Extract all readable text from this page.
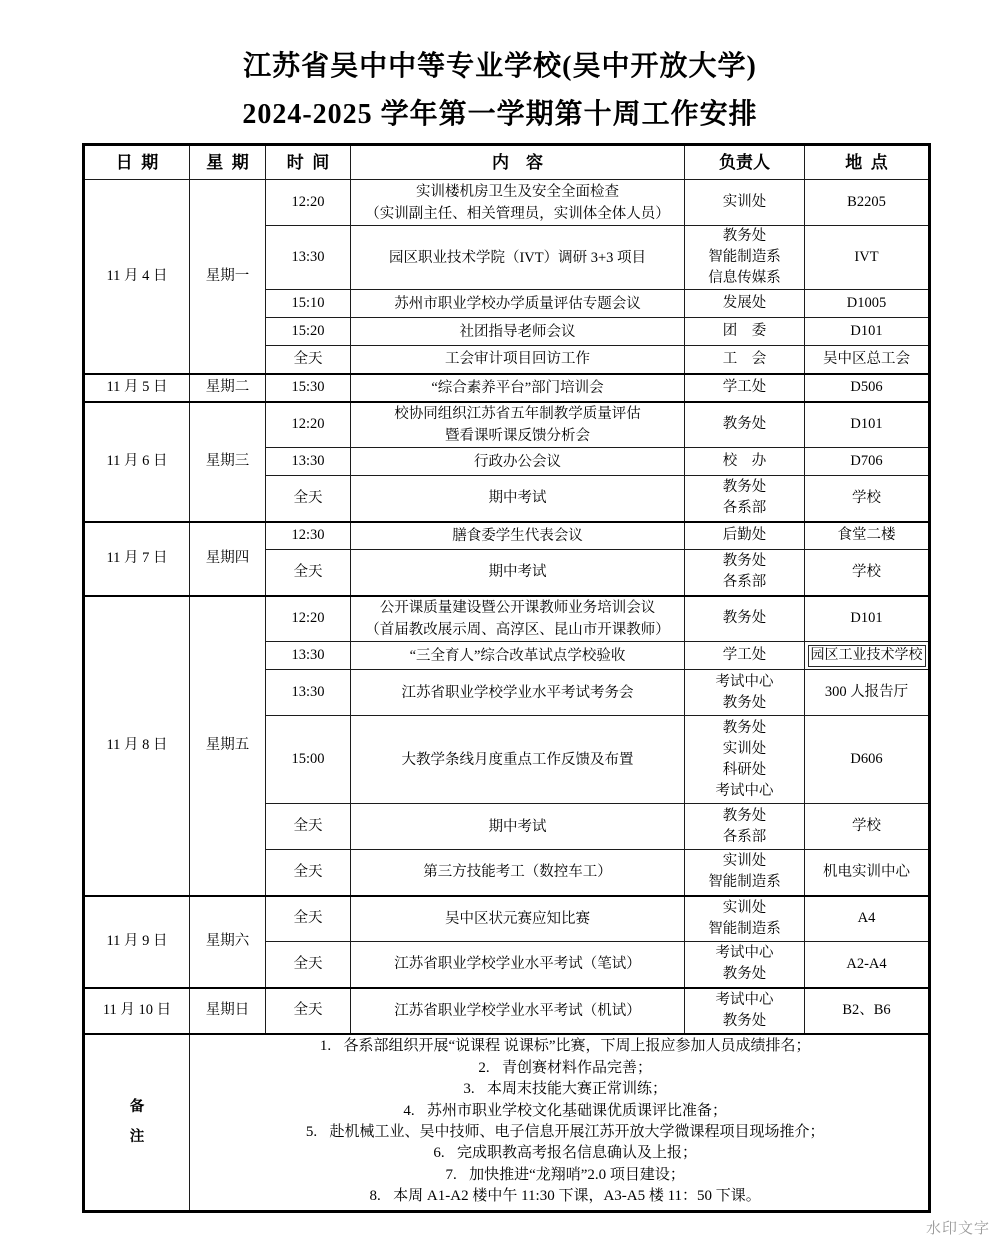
江苏省吴中中等专业学校(吴中开放大学)
2024-2025 学年第一学期第十周工作安排
日  期	星  期	时  间	内    容	负责人	地  点

11 月 4 日	星期一	12:20	实训楼机房卫生及安全全面检查
（实训副主任、相关管理员，实训体全体人员）	实训处	B2205

		13:30	园区职业技术学院（IVT）调研 3+3 项目	教务处
智能制造系
信息传媒系	IVT

		15:10	苏州市职业学校办学质量评估专题会议	发展处	D1005

		15:20	社团指导老师会议	团　委	D101

		全天	工会审计项目回访工作	工　会	吴中区总工会

11 月 5 日	星期二	15:30	“综合素养平台”部门培训会	学工处	D506

11 月 6 日	星期三	12:20	校协同组织江苏省五年制教学质量评估
暨看课听课反馈分析会	教务处	D101

		13:30	行政办公会议	校　办	D706

		全天	期中考试	教务处
各系部	学校

11 月 7 日	星期四	12:30	膳食委学生代表会议	后勤处	食堂二楼

		全天	期中考试	教务处
各系部	学校

11 月 8 日	星期五	12:20	公开课质量建设暨公开课教师业务培训会议
（首届教改展示周、高淳区、昆山市开课教师）	教务处	D101

		13:30	“三全育人”综合改革试点学校验收	学工处	园区工业技术学校

		13:30	江苏省职业学校学业水平考试考务会	考试中心
教务处	300 人报告厅

		15:00	大教学条线月度重点工作反馈及布置	教务处
实训处
科研处
考试中心	D606

		全天	期中考试	教务处
各系部	学校

		全天	第三方技能考工（数控车工）	实训处
智能制造系	机电实训中心

11 月 9 日	星期六	全天	吴中区状元赛应知比赛	实训处
智能制造系	A4

		全天	江苏省职业学校学业水平考试（笔试）	考试中心
教务处	A2-A4

11 月 10 日	星期日	全天	江苏省职业学校学业水平考试（机试）	考试中心
教务处	B2、B6

备
注

1. 各系部组织开展“说课程 说课标”比赛，下周上报应参加人员成绩排名；
2. 青创赛材料作品完善；
3. 本周末技能大赛正常训练；
4. 苏州市职业学校文化基础课优质课评比准备；
5. 赴机械工业、吴中技师、电子信息开展江苏开放大学微课程项目现场推介；
6. 完成职教高考报名信息确认及上报；
7. 加快推进“龙翔哨”2.0 项目建设；
8. 本周 A1-A2 楼中午 11:30 下课，A3-A5 楼 11：50 下课。
水印文字
